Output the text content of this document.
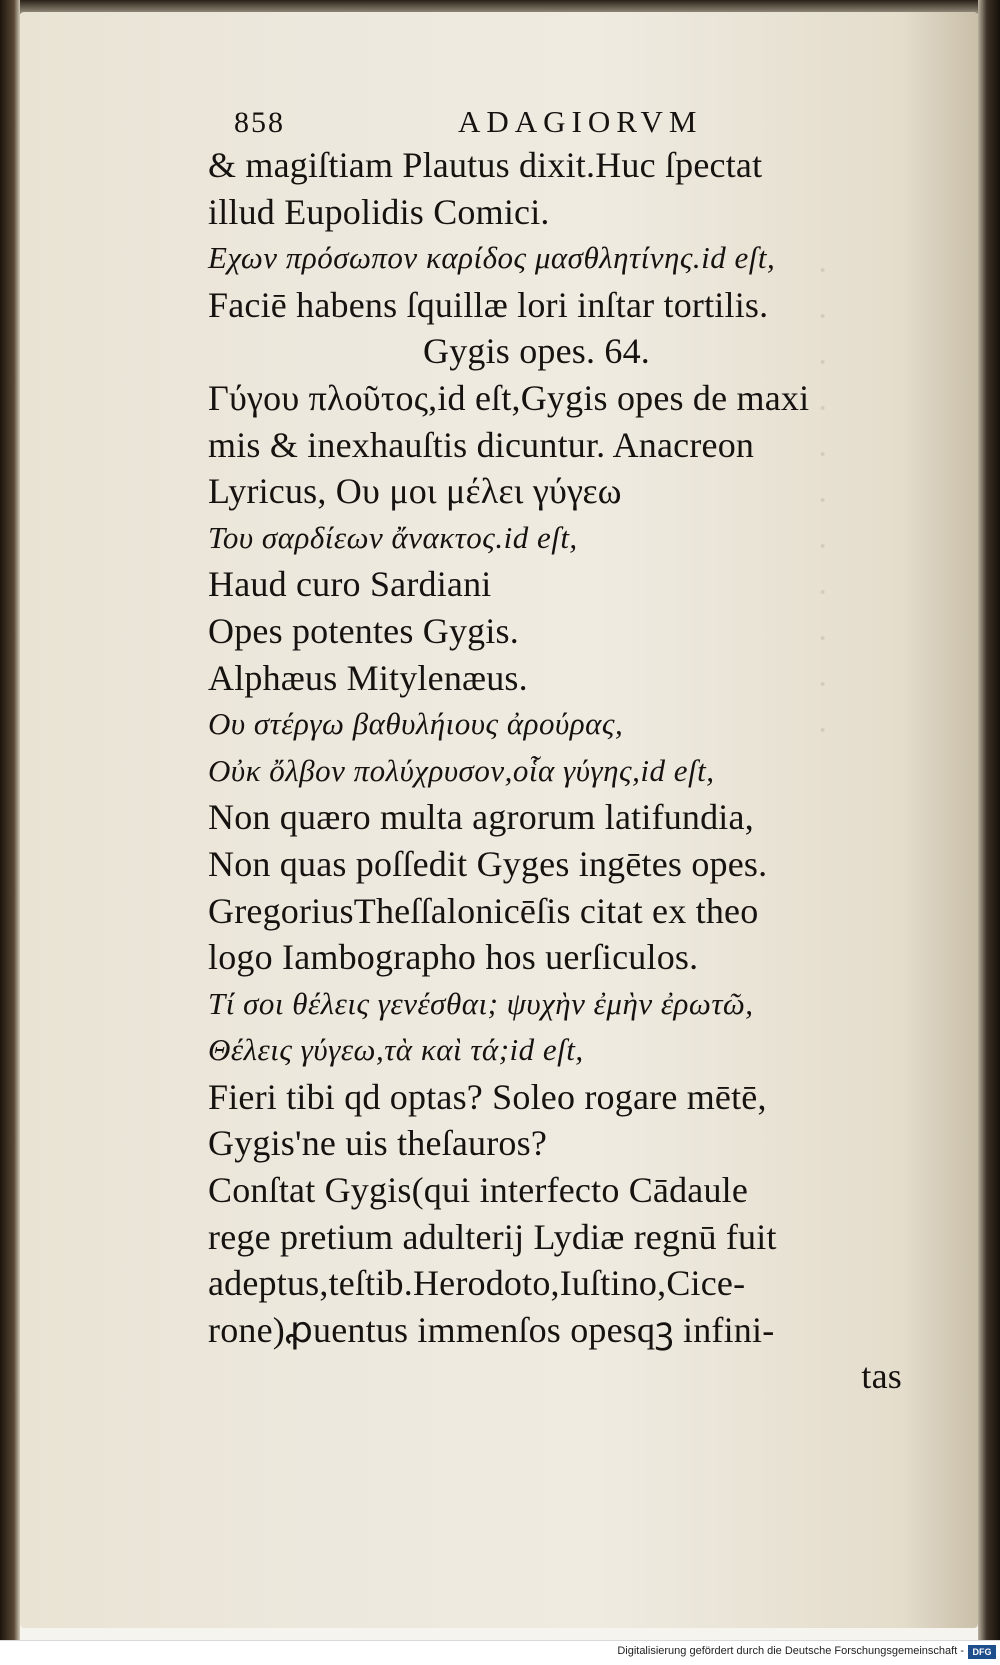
·
·
·
·
·
·
·
·
·
·
·
858	ADAGIORVM
& magiſtiam Plautus dixit.Huc ſpectat
illud Eupolidis Comici.
Εχων πρόσωπον καρίδος μασθλητίνης.id eſt,
Faciē habens ſquillæ lori inſtar tortilis.
Gygis opes. 64.
Γύγου πλοῦτος,id eſt,Gygis opes de maxi
mis & inexhauſtis dicuntur. Anacreon
Lyricus, Ου μοι μέλει γύγεω
Του σαρδίεων ἄνακτος.id eſt,
Haud curo Sardiani
Opes potentes Gygis.
Alphæus Mitylenæus.
Ου στέργω βαθυλήιους ἀρούρας,
Οὐκ ὄλβον πολύχρυσον,οἷα γύγης,id eſt,
Non quæro multa agrorum latifundia,
Non quas poſſedit Gyges ingētes opes.
GregoriusTheſſalonicēſis citat ex theo
logo Iambographo hos uerſiculos.
Τί σοι θέλεις γενέσθαι; ψυχὴν ἐμὴν ἐρωτῶ,
Θέλεις γύγεω,τὰ καὶ τά;id eſt,
Fieri tibi qd optas? Soleo rogare mētē,
Gygis'ne uis theſauros?
Conſtat Gygis(qui interfecto Cādaule
rege pretium adulterij Lydiæ regnū fuit
adeptus,teſtib.Herodoto,Iuſtino,Cice-
rone)ꝓuentus immenſos opesqꝫ infini-
tas
Digitalisierung gefördert durch die Deutsche Forschungsgemeinschaft - DFG
